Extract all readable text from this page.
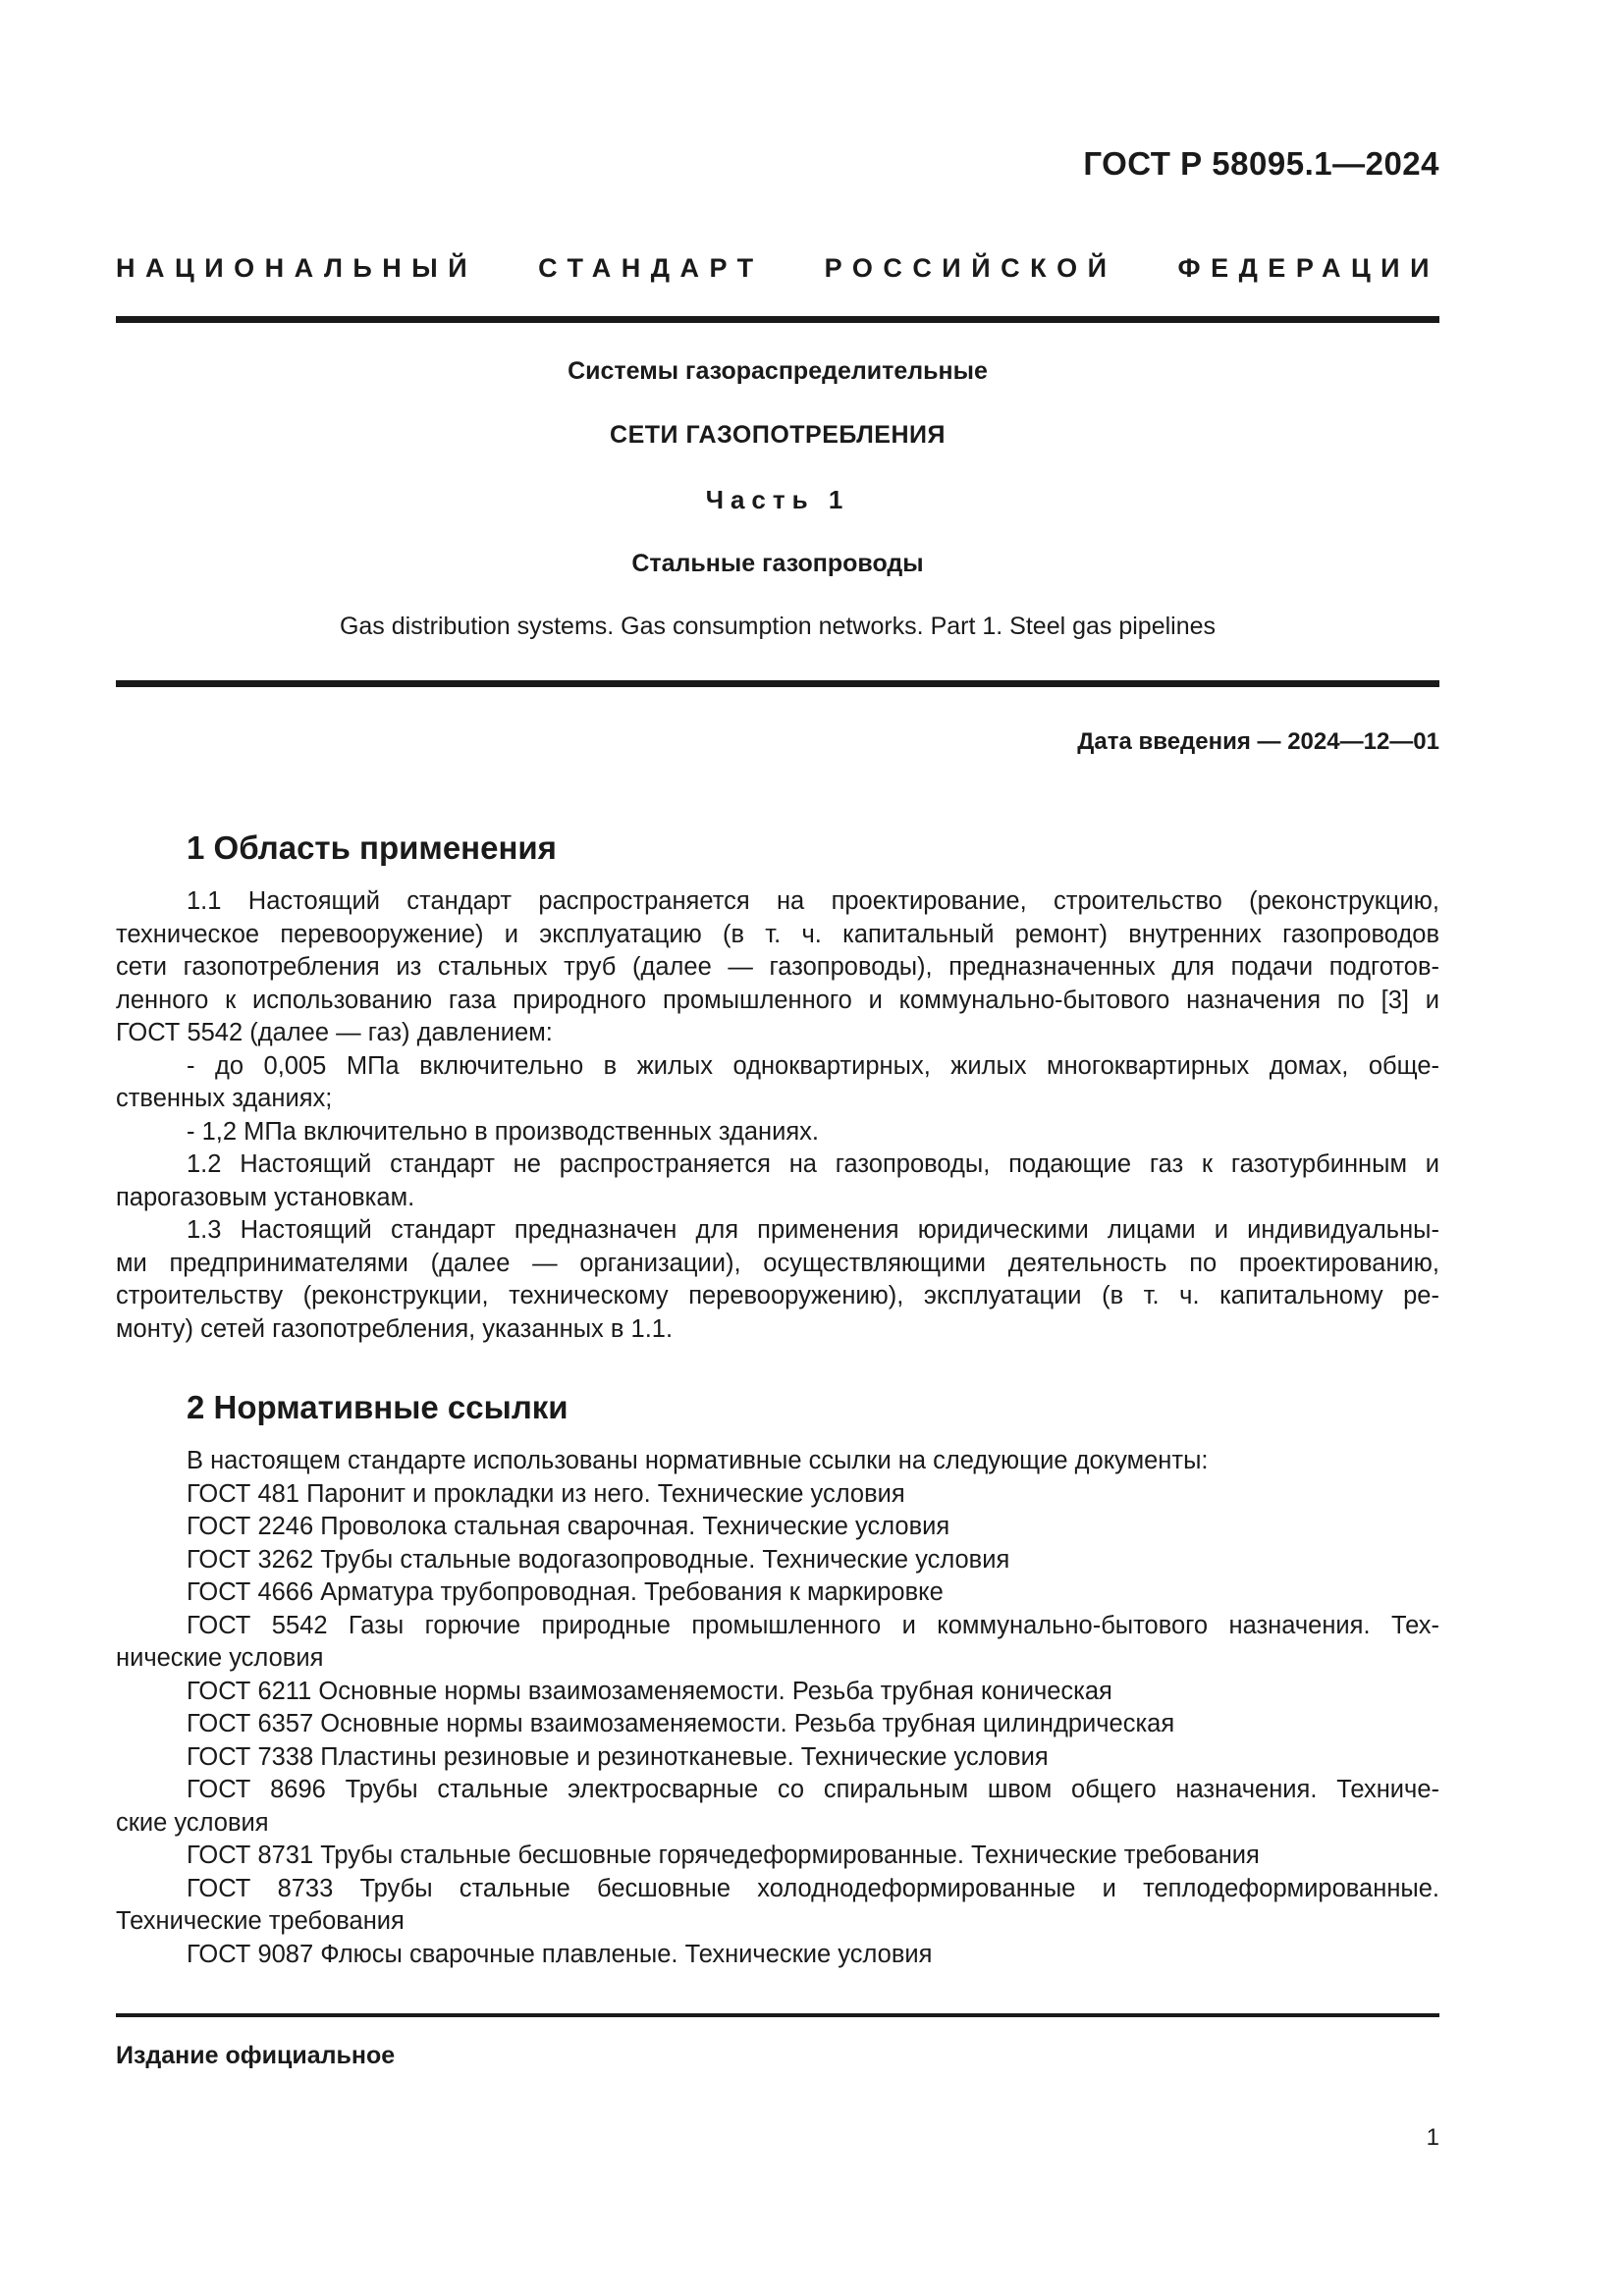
ГОСТ Р 58095.1—2024
НАЦИОНАЛЬНЫЙ СТАНДАРТ РОССИЙСКОЙ ФЕДЕРАЦИИ
Системы газораспределительные
СЕТИ ГАЗОПОТРЕБЛЕНИЯ
Часть 1
Стальные газопроводы
Gas distribution systems. Gas consumption networks. Part 1. Steel gas pipelines
Дата введения — 2024—12—01
1 Область применения
1.1 Настоящий стандарт распространяется на проектирование, строительство (реконструкцию,
техническое перевооружение) и эксплуатацию (в т. ч. капитальный ремонт) внутренних газопроводов
сети газопотребления из стальных труб (далее — газопроводы), предназначенных для подачи подготов-
ленного к использованию газа природного промышленного и коммунально-бытового назначения по [3] и
ГОСТ 5542 (далее — газ) давлением:
- до 0,005 МПа включительно в жилых одноквартирных, жилых многоквартирных домах, обще-
ственных зданиях;
- 1,2 МПа включительно в производственных зданиях.
1.2 Настоящий стандарт не распространяется на газопроводы, подающие газ к газотурбинным и
парогазовым установкам.
1.3 Настоящий стандарт предназначен для применения юридическими лицами и индивидуальны-
ми предпринимателями (далее — организации), осуществляющими деятельность по проектированию,
строительству (реконструкции, техническому перевооружению), эксплуатации (в т. ч. капитальному ре-
монту) сетей газопотребления, указанных в 1.1.
2 Нормативные ссылки
В настоящем стандарте использованы нормативные ссылки на следующие документы:
ГОСТ 481 Паронит и прокладки из него. Технические условия
ГОСТ 2246 Проволока стальная сварочная. Технические условия
ГОСТ 3262 Трубы стальные водогазопроводные. Технические условия
ГОСТ 4666 Арматура трубопроводная. Требования к маркировке
ГОСТ 5542 Газы горючие природные промышленного и коммунально-бытового назначения. Тех-
нические условия
ГОСТ 6211 Основные нормы взаимозаменяемости. Резьба трубная коническая
ГОСТ 6357 Основные нормы взаимозаменяемости. Резьба трубная цилиндрическая
ГОСТ 7338 Пластины резиновые и резинотканевые. Технические условия
ГОСТ 8696 Трубы стальные электросварные со спиральным швом общего назначения. Техниче-
ские условия
ГОСТ 8731 Трубы стальные бесшовные горячедеформированные. Технические требования
ГОСТ 8733 Трубы стальные бесшовные холоднодеформированные и теплодеформированные.
Технические требования
ГОСТ 9087 Флюсы сварочные плавленые. Технические условия
Издание официальное
1
